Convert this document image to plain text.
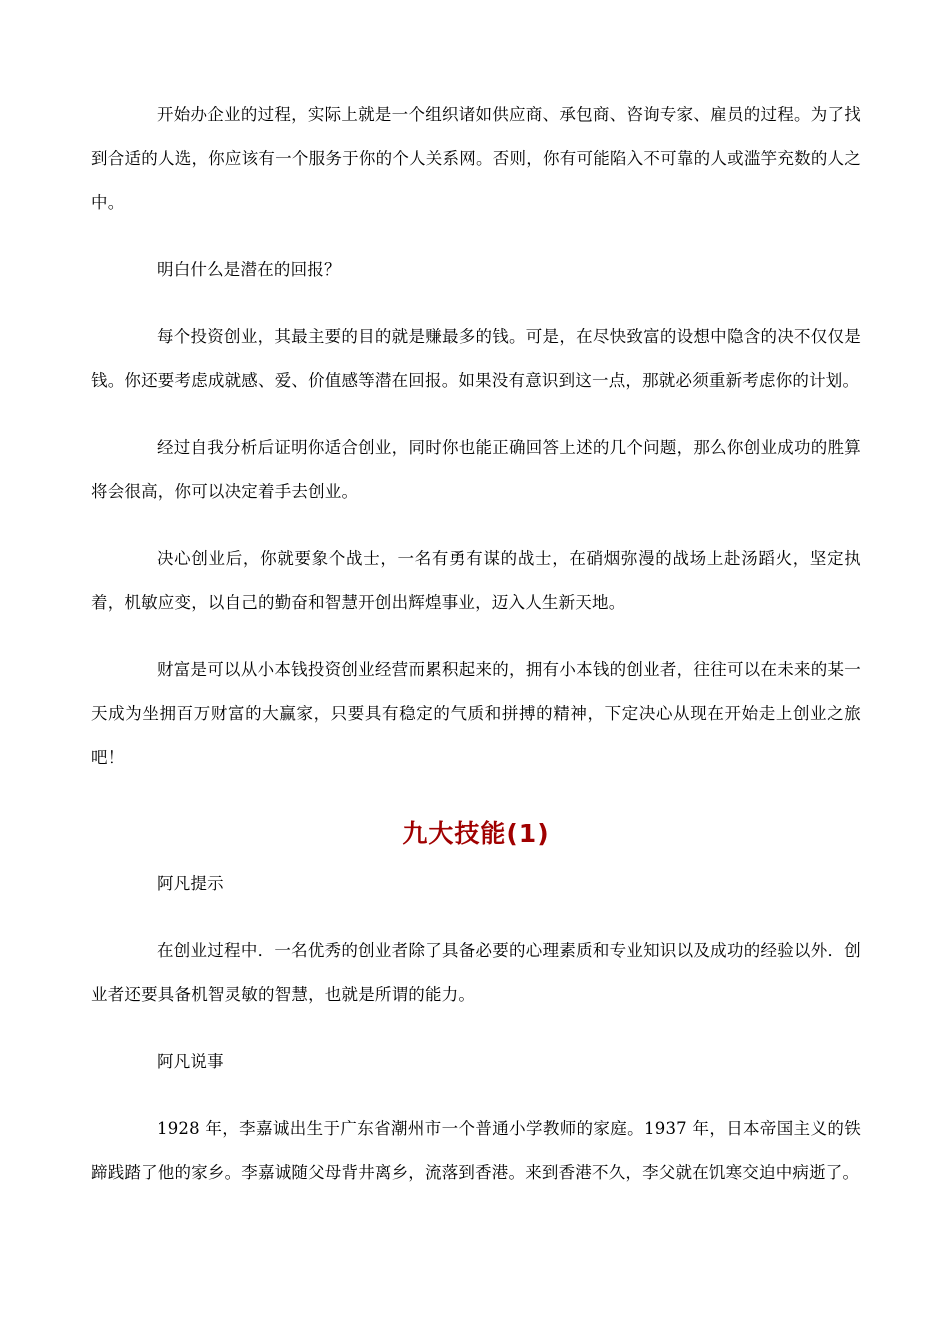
开始办企业的过程，实际上就是一个组织诸如供应商、承包商、咨询专家、雇员的过程。为了找到合适的人选，你应该有一个服务于你的个人关系网。否则，你有可能陷入不可靠的人或滥竽充数的人之中。

明白什么是潜在的回报？

每个投资创业，其最主要的目的就是赚最多的钱。可是，在尽快致富的设想中隐含的决不仅仅是钱。你还要考虑成就感、爱、价值感等潜在回报。如果没有意识到这一点，那就必须重新考虑你的计划。

经过自我分析后证明你适合创业，同时你也能正确回答上述的几个问题，那么你创业成功的胜算将会很高，你可以决定着手去创业。

决心创业后，你就要象个战士，一名有勇有谋的战士，在硝烟弥漫的战场上赴汤蹈火，坚定执着，机敏应变，以自己的勤奋和智慧开创出辉煌事业，迈入人生新天地。

财富是可以从小本钱投资创业经营而累积起来的，拥有小本钱的创业者，往往可以在未来的某一天成为坐拥百万财富的大赢家，只要具有稳定的气质和拼搏的精神，下定决心从现在开始走上创业之旅吧！

九大技能(1)

阿凡提示

在创业过程中．一名优秀的创业者除了具备必要的心理素质和专业知识以及成功的经验以外．创业者还要具备机智灵敏的智慧，也就是所谓的能力。

阿凡说事

1928 年，李嘉诚出生于广东省潮州市一个普通小学教师的家庭。1937 年，日本帝国主义的铁蹄践踏了他的家乡。李嘉诚随父母背井离乡，流落到香港。来到香港不久，李父就在饥寒交迫中病逝了。
